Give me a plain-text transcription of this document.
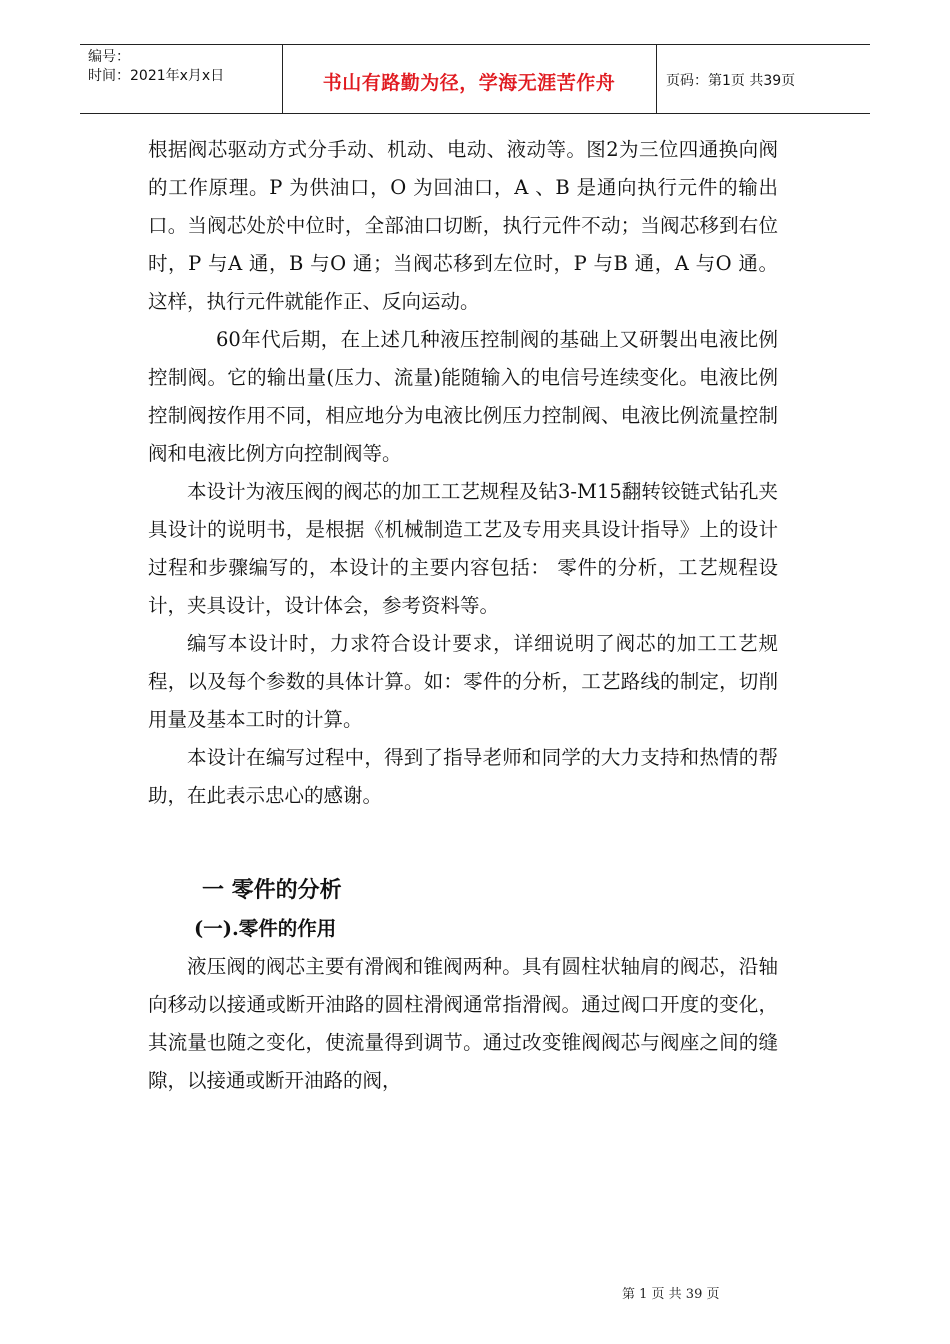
编号：
时间：2021年x月x日	书山有路勤为径，学海无涯苦作舟	页码：第1页 共39页

根据阀芯驱动方式分手动、机动、电动、液动等。图2为三位四通换向阀的工作原理。P 为供油口，O 为回油口，A 、B 是通向执行元件的输出口。当阀芯处於中位时，全部油口切断，执行元件不动；当阀芯移到右位时，P 与A 通，B 与O 通；当阀芯移到左位时，P 与B 通，A 与O 通。这样，执行元件就能作正、反向运动。

60年代后期，在上述几种液压控制阀的基础上又研製出电液比例控制阀。它的输出量(压力、流量)能随输入的电信号连续变化。电液比例控制阀按作用不同，相应地分为电液比例压力控制阀、电液比例流量控制阀和电液比例方向控制阀等。

本设计为液压阀的阀芯的加工工艺规程及钻3-M15翻转铰链式钻孔夹具设计的说明书，是根据《机械制造工艺及专用夹具设计指导》上的设计过程和步骤编写的，本设计的主要内容包括： 零件的分析，工艺规程设计，夹具设计，设计体会，参考资料等。

编写本设计时，力求符合设计要求，详细说明了阀芯的加工工艺规程，以及每个参数的具体计算。如：零件的分析，工艺路线的制定，切削用量及基本工时的计算。

本设计在编写过程中，得到了指导老师和同学的大力支持和热情的帮助，在此表示忠心的感谢。

一 零件的分析
(一).零件的作用

液压阀的阀芯主要有滑阀和锥阀两种。具有圆柱状轴肩的阀芯，沿轴向移动以接通或断开油路的圆柱滑阀通常指滑阀。通过阀口开度的变化，其流量也随之变化，使流量得到调节。通过改变锥阀阀芯与阀座之间的缝隙，以接通或断开油路的阀，

第 1 页 共 39 页
